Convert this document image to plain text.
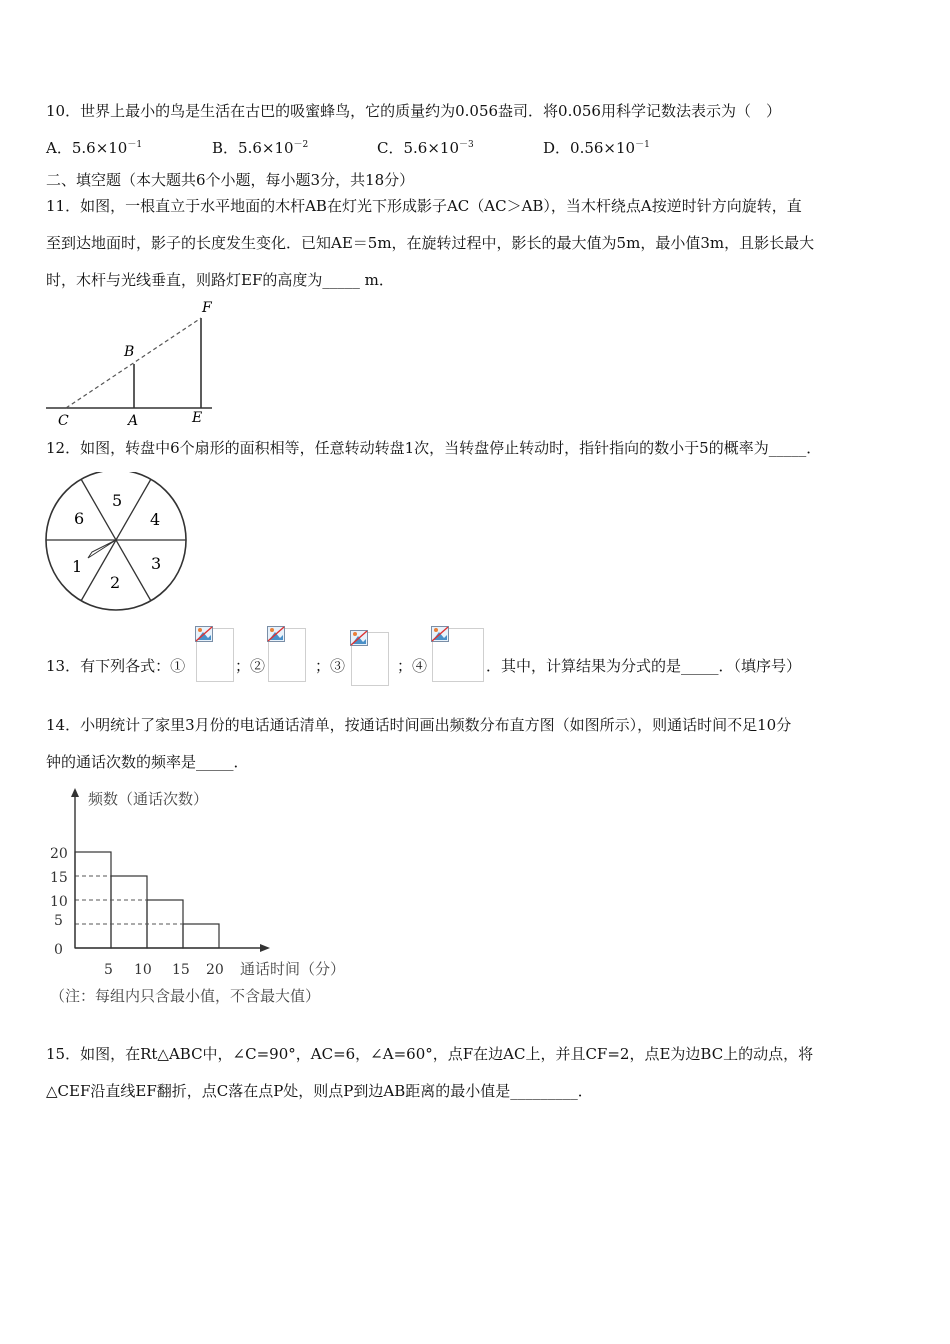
10．世界上最小的鸟是生活在古巴的吸蜜蜂鸟，它的质量约为0.056盎司．将0.056用科学记数法表示为（　）
A．$5.6\times 10^{-1}$	B．$5.6\times 10^{-2}$	C．$5.6\times 10^{-3}$	D．$0.56\times 10^{-1}$
二、填空题（本大题共6个小题，每小题3分，共18分）
11．如图，一根直立于水平地面的木杆AB在灯光下形成影子AC（AC＞AB），当木杆绕点A按逆时针方向旋转，直
至到达地面时，影子的长度发生变化．已知AE＝5m，在旋转过程中，影长的最大值为5m，最小值3m，且影长最大
时，木杆与光线垂直，则路灯EF的高度为_____ m．
F
B
C	A	E
12．如图，转盘中6个扇形的面积相等，任意转动转盘1次，当转盘停止转动时，指针指向的数小于5的概率为_____．
5
4
3
2
1
6
13．有下列各式：①	；②	；③	；④	．其中，计算结果为分式的是_____．（填序号）
14．小明统计了家里3月份的电话通话清单，按通话时间画出频数分布直方图（如图所示），则通话时间不足10分
钟的通话次数的频率是_____．
频数（通话次数）
20
15
10
5
0
5 10 15 20 通话时间（分）
（注：每组内只含最小值，不含最大值）
15．如图，在Rt△ABC中，∠C=90°，AC=6，∠A=60°，点F在边AC上，并且CF=2，点E为边BC上的动点，将
△CEF沿直线EF翻折，点C落在点P处，则点P到边AB距离的最小值是_________．
